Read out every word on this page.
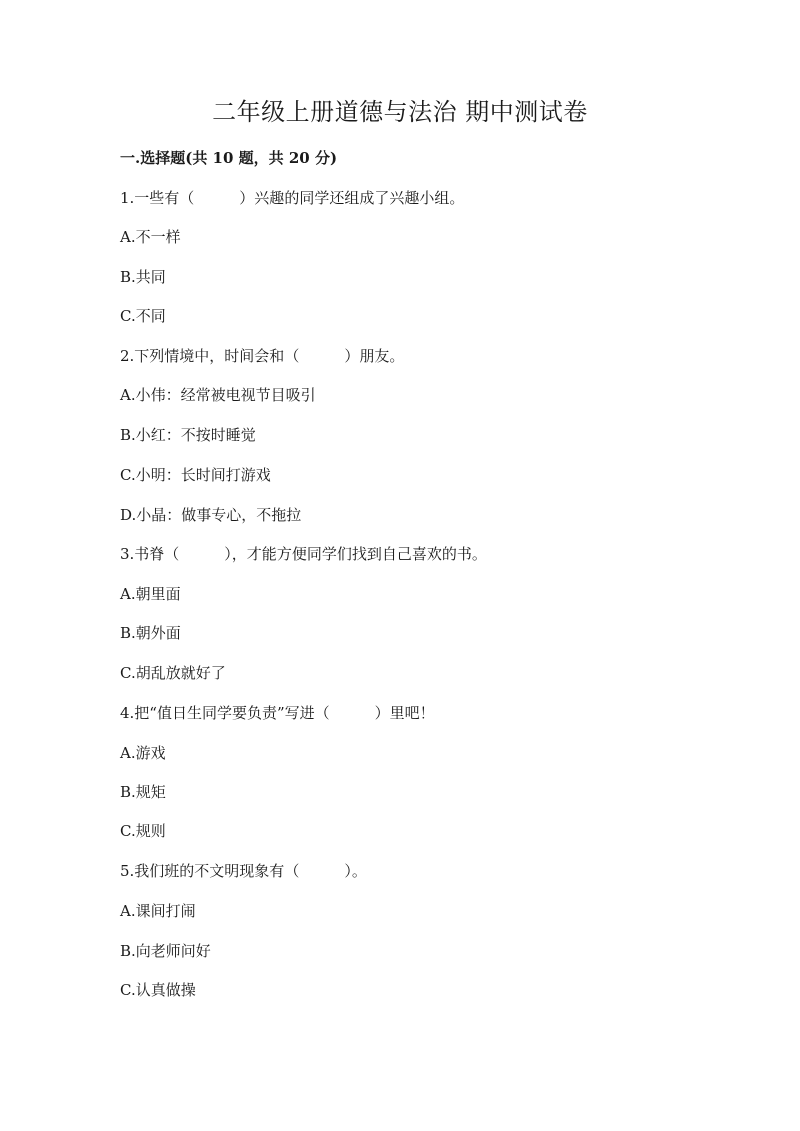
二年级上册道德与法治 期中测试卷
一.选择题(共 10 题，共 20 分)
1.一些有（　　　）兴趣的同学还组成了兴趣小组。
A.不一样
B.共同
C.不同
2.下列情境中，时间会和（　　　）朋友。
A.小伟：经常被电视节目吸引
B.小红：不按时睡觉
C.小明：长时间打游戏
D.小晶：做事专心，不拖拉
3.书脊（　　　），才能方便同学们找到自己喜欢的书。
A.朝里面
B.朝外面
C.胡乱放就好了
4.把“值日生同学要负责”写进（　　　）里吧！
A.游戏
B.规矩
C.规则
5.我们班的不文明现象有（　　　）。
A.课间打闹
B.向老师问好
C.认真做操
